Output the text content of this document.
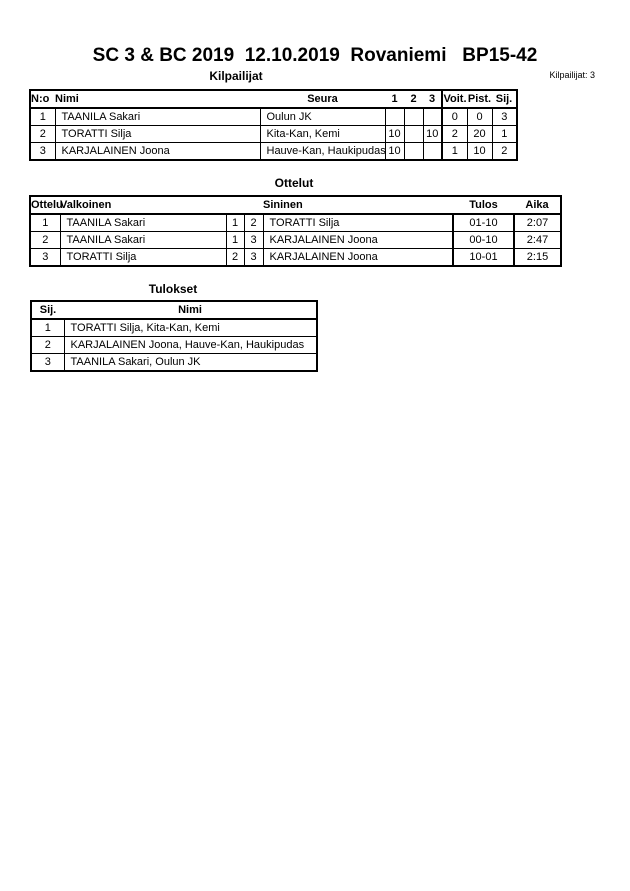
SC 3 & BC 2019  12.10.2019  Rovaniemi   BP15-42
Kilpailijat	Kilpailijat: 3
N:o	Nimi	Seura	1	2	3	Voit.	Pist.	Sij.
1	TAANILA Sakari	Oulun JK				0	0	3
2	TORATTI Silja	Kita-Kan, Kemi	10		10	2	20	1
3	KARJALAINEN Joona	Hauve-Kan, Haukipudas	10			1	10	2
Ottelut
Ottelu	Valkoinen			Sininen	Tulos	Aika
1	TAANILA Sakari	1	2	TORATTI Silja	01-10	2:07
2	TAANILA Sakari	1	3	KARJALAINEN Joona	00-10	2:47
3	TORATTI Silja	2	3	KARJALAINEN Joona	10-01	2:15
Tulokset
Sij.	Nimi
1	TORATTI Silja, Kita-Kan, Kemi
2	KARJALAINEN Joona, Hauve-Kan, Haukipudas
3	TAANILA Sakari, Oulun JK
